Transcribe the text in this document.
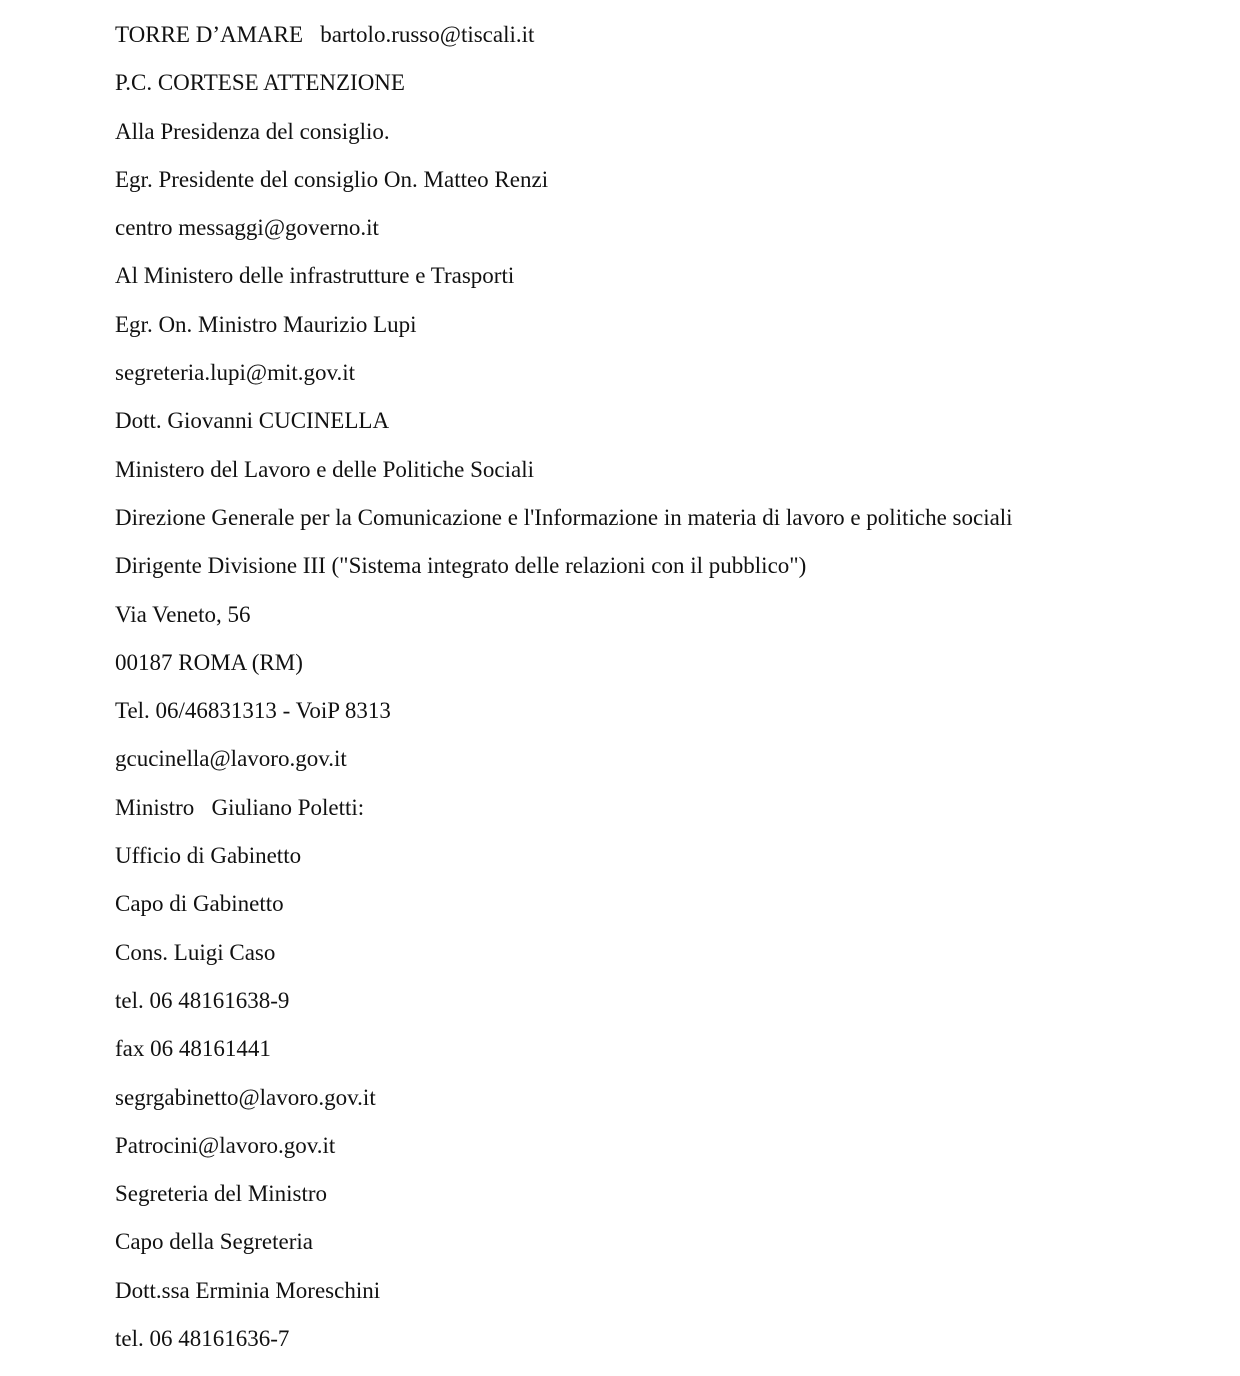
TORRE D’AMARE   bartolo.russo@tiscali.it
P.C. CORTESE ATTENZIONE
Alla Presidenza del consiglio.
Egr. Presidente del consiglio On. Matteo Renzi
centro messaggi@governo.it
Al Ministero delle infrastrutture e Trasporti
Egr. On. Ministro Maurizio Lupi
segreteria.lupi@mit.gov.it
Dott. Giovanni CUCINELLA
Ministero del Lavoro e delle Politiche Sociali
Direzione Generale per la Comunicazione e l'Informazione in materia di lavoro e politiche sociali
Dirigente Divisione III ("Sistema integrato delle relazioni con il pubblico")
Via Veneto, 56
00187 ROMA (RM)
Tel. 06/46831313 - VoiP 8313
gcucinella@lavoro.gov.it
Ministro   Giuliano Poletti:
Ufficio di Gabinetto
Capo di Gabinetto
Cons. Luigi Caso
tel. 06 48161638-9
fax 06 48161441
segrgabinetto@lavoro.gov.it
Patrocini@lavoro.gov.it
Segreteria del Ministro
Capo della Segreteria
Dott.ssa Erminia Moreschini
tel. 06 48161636-7
